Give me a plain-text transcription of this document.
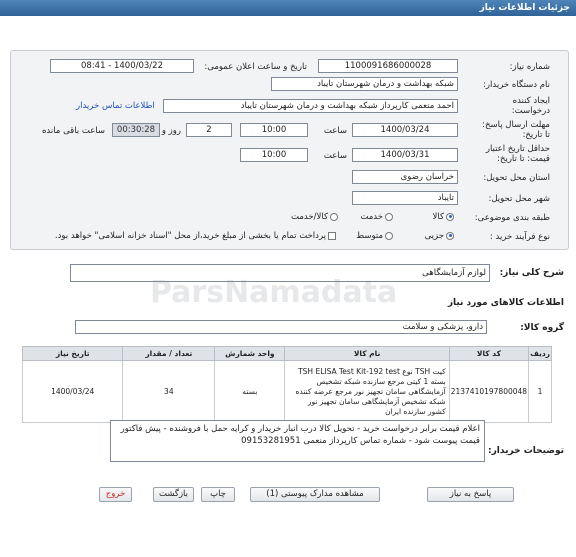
جزئیات اطلاعات نیاز
شماره نیاز:
1100091686000028
تاریخ و ساعت اعلان عمومی:
1400/03/22 - 08:41
نام دستگاه خریدار:
شبکه بهداشت و درمان شهرستان تایباد
ایجاد کننده درخواست:
احمد منعمی کارپرداز شبکه بهداشت و درمان شهرستان تایباد
اطلاعات تماس خریدار
مهلت ارسال پاسخ: تا تاریخ:
1400/03/24
ساعت
10:00
2
روز و
00:30:28
ساعت باقی مانده
حداقل تاریخ اعتبار قیمت: تا تاریخ:
1400/03/31
ساعت
10:00
استان محل تحویل:
خراسان رضوی
شهر محل تحویل:
تایباد
طبقه بندی موضوعی:
کالا
خدمت
کالا/خدمت
نوع فرآیند خرید :
جزیی
متوسط
پرداخت تمام یا بخشی از مبلغ خرید،از محل "اسناد خزانه اسلامی" خواهد بود.
شرح کلی نیاز:
لوازم آزمایشگاهی
ParsNamadata	اطلاعات کالاهای مورد نیاز
گروه کالا:
دارو، پزشکی و سلامت
ردیف	کد کالا	نام کالا	واحد شمارش	تعداد / مقدار	تاریخ نیاز
1	2137410197800048	کیت TSH نوع TSH ELISA Test Kit-192 test بسته 1 کیتی مرجع سازنده شبکه تشخیص آزمایشگاهی سامان تجهیز نور مرجع عرضه کننده شبکه تشخیص آزمایشگاهی سامان تجهیز نور کشور سازنده ایران	بسته	34	1400/03/24
توضیحات خریدار:
اعلام قیمت برابر درخواست خرید - تحویل کالا درب انبار خریدار و کرایه حمل با فروشنده - پیش فاکتور قیمت پیوست شود - شماره تماس کارپرداز منعمی 09153281951
پاسخ به نیاز
مشاهده مدارک پیوستی (1)
چاپ
بازگشت
خروج
